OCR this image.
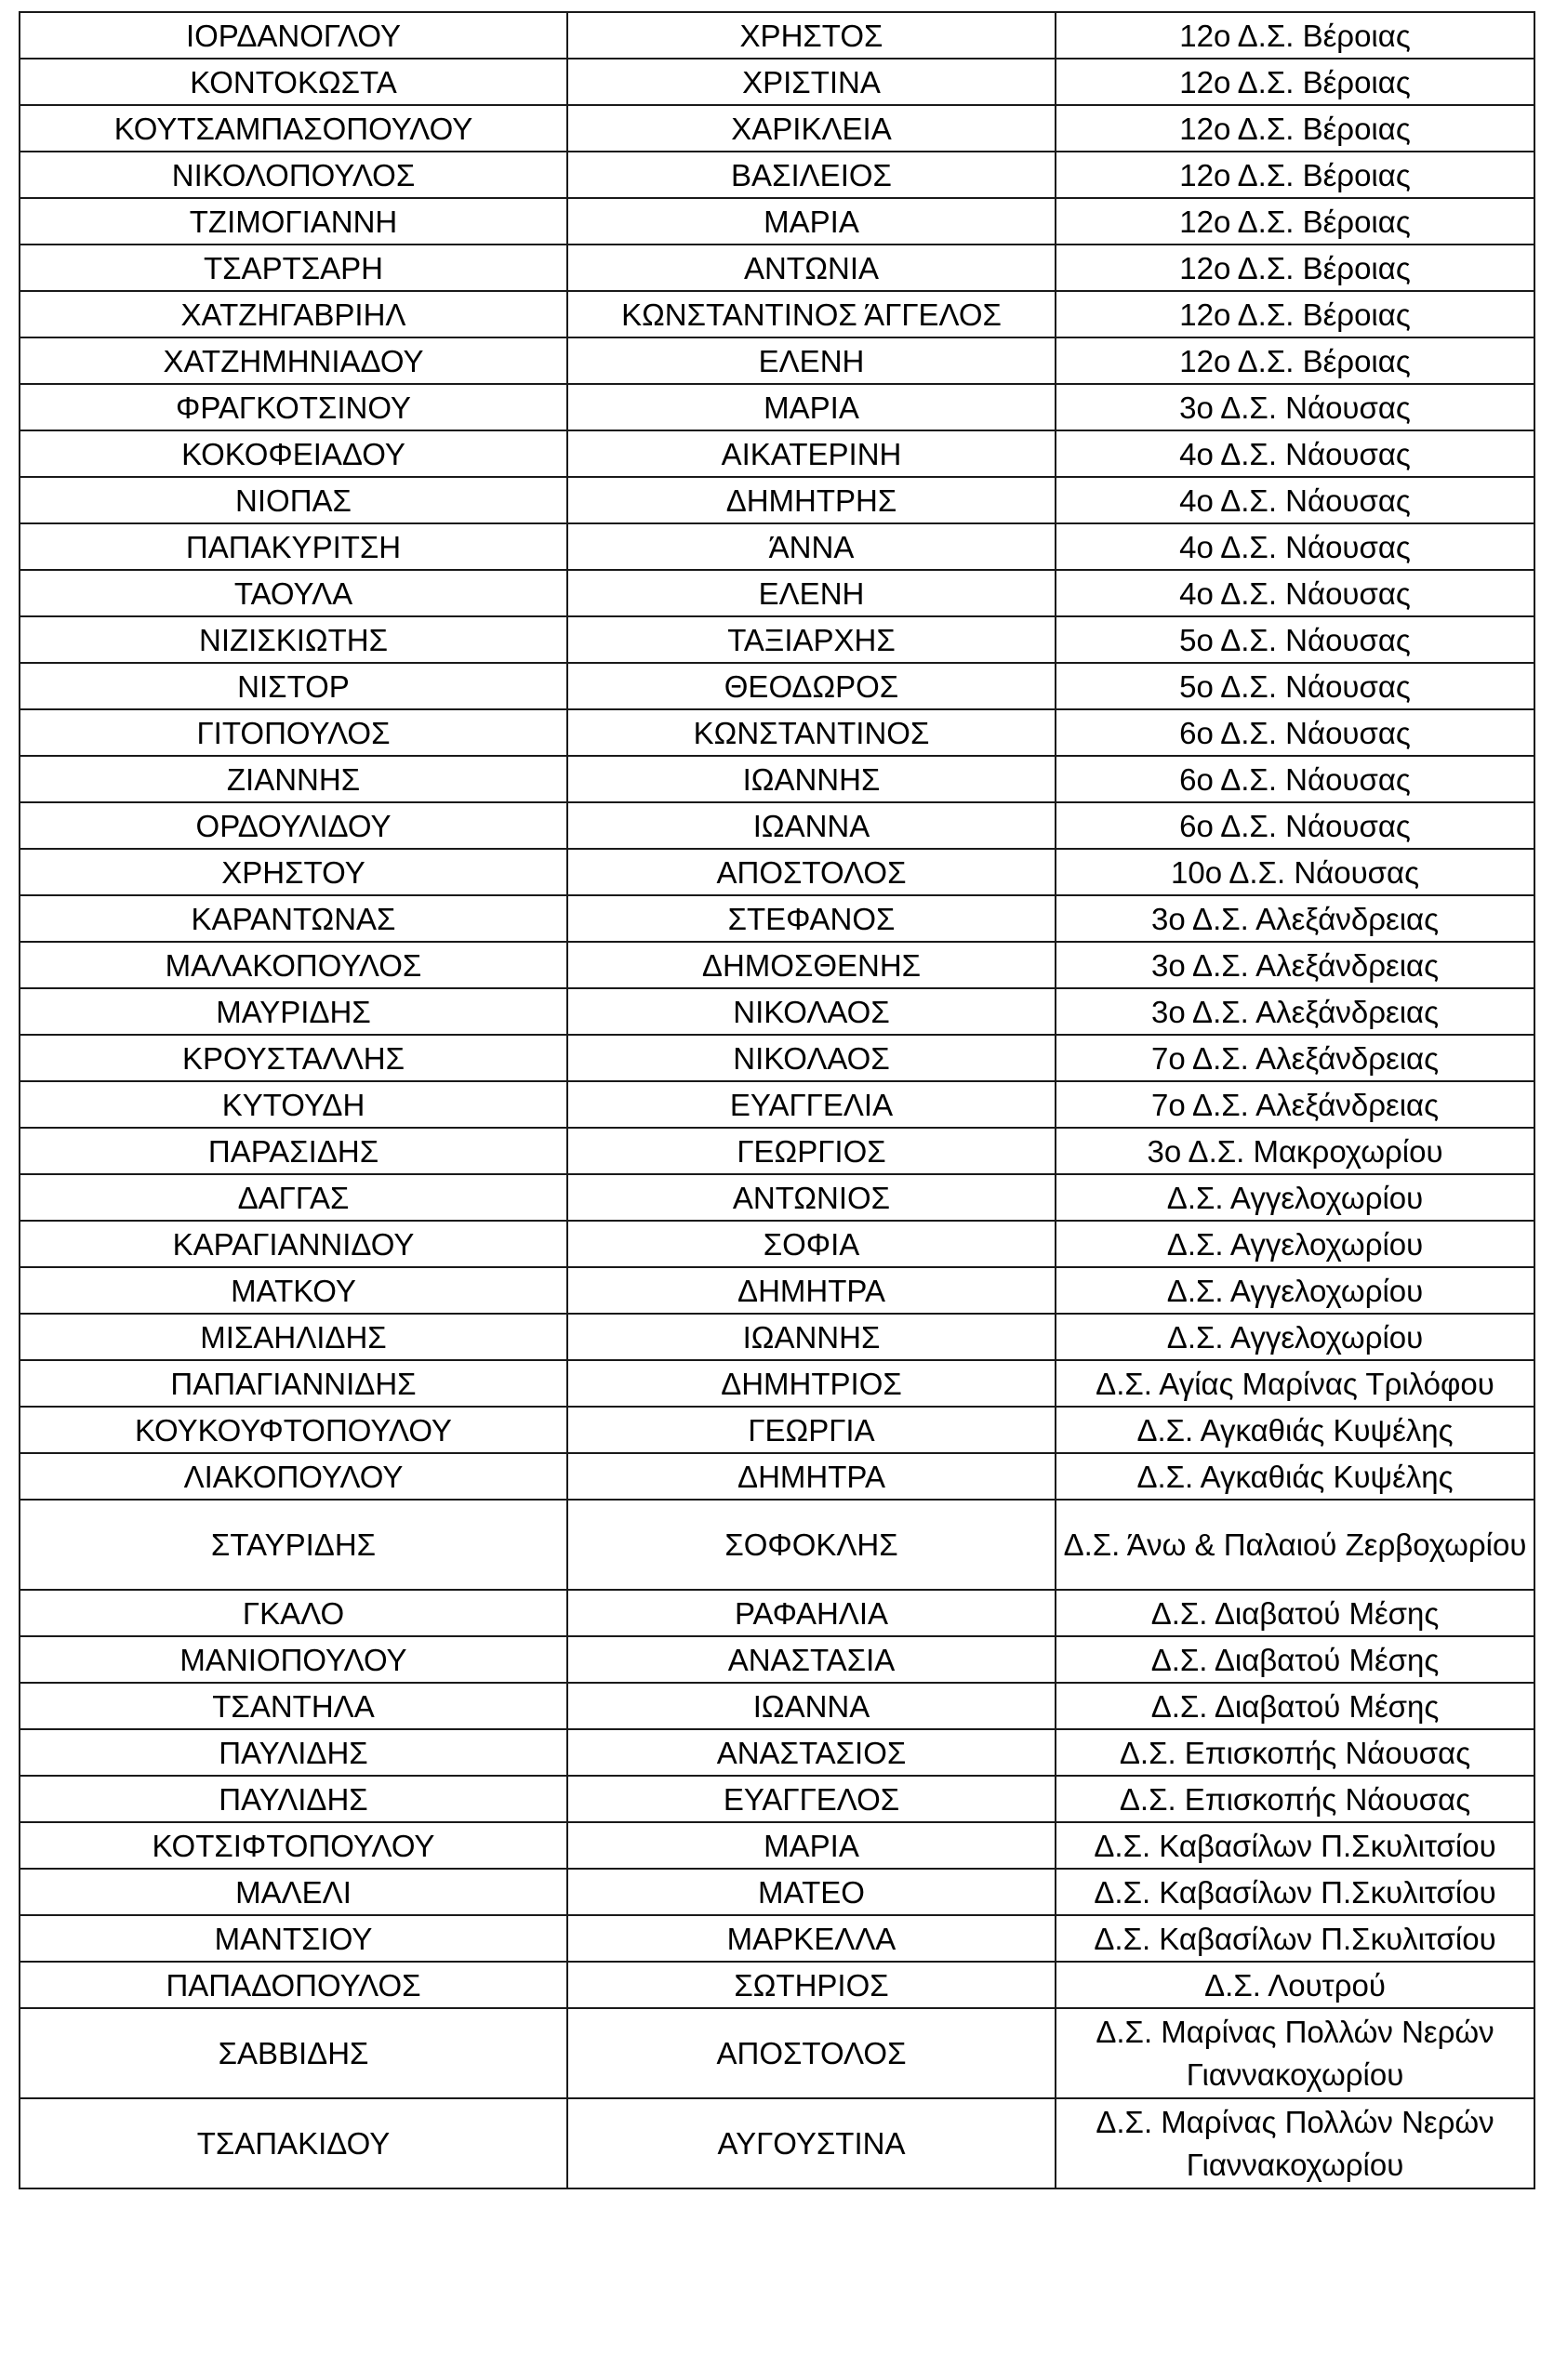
ΙΟΡΔΑΝΟΓΛΟΥ	ΧΡΗΣΤΟΣ	12ο Δ.Σ. Βέροιας
ΚΟΝΤΟΚΩΣΤΑ	ΧΡΙΣΤΙΝΑ	12ο Δ.Σ. Βέροιας
ΚΟΥΤΣΑΜΠΑΣΟΠΟΥΛΟΥ	ΧΑΡΙΚΛΕΙΑ	12ο Δ.Σ. Βέροιας
ΝΙΚΟΛΟΠΟΥΛΟΣ	ΒΑΣΙΛΕΙΟΣ	12ο Δ.Σ. Βέροιας
ΤΖΙΜΟΓΙΑΝΝΗ	ΜΑΡΙΑ	12ο Δ.Σ. Βέροιας
ΤΣΑΡΤΣΑΡΗ	ΑΝΤΩΝΙΑ	12ο Δ.Σ. Βέροιας
ΧΑΤΖΗΓΑΒΡΙΗΛ	ΚΩΝΣΤΑΝΤΙΝΟΣ ΆΓΓΕΛΟΣ	12ο Δ.Σ. Βέροιας
ΧΑΤΖΗΜΗΝΙΑΔΟΥ	ΕΛΕΝΗ	12ο Δ.Σ. Βέροιας
ΦΡΑΓΚΟΤΣΙΝΟΥ	ΜΑΡΙΑ	3ο Δ.Σ. Νάουσας
ΚΟΚΟΦΕΙΑΔΟΥ	ΑΙΚΑΤΕΡΙΝΗ	4ο Δ.Σ. Νάουσας
ΝΙΟΠΑΣ	ΔΗΜΗΤΡΗΣ	4ο Δ.Σ. Νάουσας
ΠΑΠΑΚΥΡΙΤΣΗ	ΆΝΝΑ	4ο Δ.Σ. Νάουσας
ΤΑΟΥΛΑ	ΕΛΕΝΗ	4ο Δ.Σ. Νάουσας
ΝΙΖΙΣΚΙΩΤΗΣ	ΤΑΞΙΑΡΧΗΣ	5ο Δ.Σ. Νάουσας
ΝΙΣΤΟΡ	ΘΕΟΔΩΡΟΣ	5ο Δ.Σ. Νάουσας
ΓΙΤΟΠΟΥΛΟΣ	ΚΩΝΣΤΑΝΤΙΝΟΣ	6ο Δ.Σ. Νάουσας
ΖΙΑΝΝΗΣ	ΙΩΑΝΝΗΣ	6ο Δ.Σ. Νάουσας
ΟΡΔΟΥΛΙΔΟΥ	ΙΩΑΝΝΑ	6ο Δ.Σ. Νάουσας
ΧΡΗΣΤΟΥ	ΑΠΟΣΤΟΛΟΣ	10ο Δ.Σ. Νάουσας
ΚΑΡΑΝΤΩΝΑΣ	ΣΤΕΦΑΝΟΣ	3ο Δ.Σ. Αλεξάνδρειας
ΜΑΛΑΚΟΠΟΥΛΟΣ	ΔΗΜΟΣΘΕΝΗΣ	3ο Δ.Σ. Αλεξάνδρειας
ΜΑΥΡΙΔΗΣ	ΝΙΚΟΛΑΟΣ	3ο Δ.Σ. Αλεξάνδρειας
ΚΡΟΥΣΤΑΛΛΗΣ	ΝΙΚΟΛΑΟΣ	7ο Δ.Σ. Αλεξάνδρειας
ΚΥΤΟΥΔΗ	ΕΥΑΓΓΕΛΙΑ	7ο Δ.Σ. Αλεξάνδρειας
ΠΑΡΑΣΙΔΗΣ	ΓΕΩΡΓΙΟΣ	3ο Δ.Σ. Μακροχωρίου
ΔΑΓΓΑΣ	ΑΝΤΩΝΙΟΣ	Δ.Σ. Αγγελοχωρίου
ΚΑΡΑΓΙΑΝΝΙΔΟΥ	ΣΟΦΙΑ	Δ.Σ. Αγγελοχωρίου
ΜΑΤΚΟΥ	ΔΗΜΗΤΡΑ	Δ.Σ. Αγγελοχωρίου
ΜΙΣΑΗΛΙΔΗΣ	ΙΩΑΝΝΗΣ	Δ.Σ. Αγγελοχωρίου
ΠΑΠΑΓΙΑΝΝΙΔΗΣ	ΔΗΜΗΤΡΙΟΣ	Δ.Σ. Αγίας Μαρίνας Τριλόφου
ΚΟΥΚΟΥΦΤΟΠΟΥΛΟΥ	ΓΕΩΡΓΙΑ	Δ.Σ. Αγκαθιάς Κυψέλης
ΛΙΑΚΟΠΟΥΛΟΥ	ΔΗΜΗΤΡΑ	Δ.Σ. Αγκαθιάς Κυψέλης
ΣΤΑΥΡΙΔΗΣ	ΣΟΦΟΚΛΗΣ	Δ.Σ. Άνω & Παλαιού Ζερβοχωρίου
ΓΚΑΛΟ	ΡΑΦΑΗΛΙΑ	Δ.Σ. Διαβατού Μέσης
ΜΑΝΙΟΠΟΥΛΟΥ	ΑΝΑΣΤΑΣΙΑ	Δ.Σ. Διαβατού Μέσης
ΤΣΑΝΤΗΛΑ	ΙΩΑΝΝΑ	Δ.Σ. Διαβατού Μέσης
ΠΑΥΛΙΔΗΣ	ΑΝΑΣΤΑΣΙΟΣ	Δ.Σ. Επισκοπής Νάουσας
ΠΑΥΛΙΔΗΣ	ΕΥΑΓΓΕΛΟΣ	Δ.Σ. Επισκοπής Νάουσας
ΚΟΤΣΙΦΤΟΠΟΥΛΟΥ	ΜΑΡΙΑ	Δ.Σ. Καβασίλων Π.Σκυλιτσίου
ΜΑΛΕΛΙ	ΜΑΤΕΟ	Δ.Σ. Καβασίλων Π.Σκυλιτσίου
ΜΑΝΤΣΙΟΥ	ΜΑΡΚΕΛΛΑ	Δ.Σ. Καβασίλων Π.Σκυλιτσίου
ΠΑΠΑΔΟΠΟΥΛΟΣ	ΣΩΤΗΡΙΟΣ	Δ.Σ. Λουτρού
ΣΑΒΒΙΔΗΣ	ΑΠΟΣΤΟΛΟΣ	Δ.Σ. Μαρίνας Πολλών Νερών Γιαννακοχωρίου
ΤΣΑΠΑΚΙΔΟΥ	ΑΥΓΟΥΣΤΙΝΑ	Δ.Σ. Μαρίνας Πολλών Νερών Γιαννακοχωρίου
